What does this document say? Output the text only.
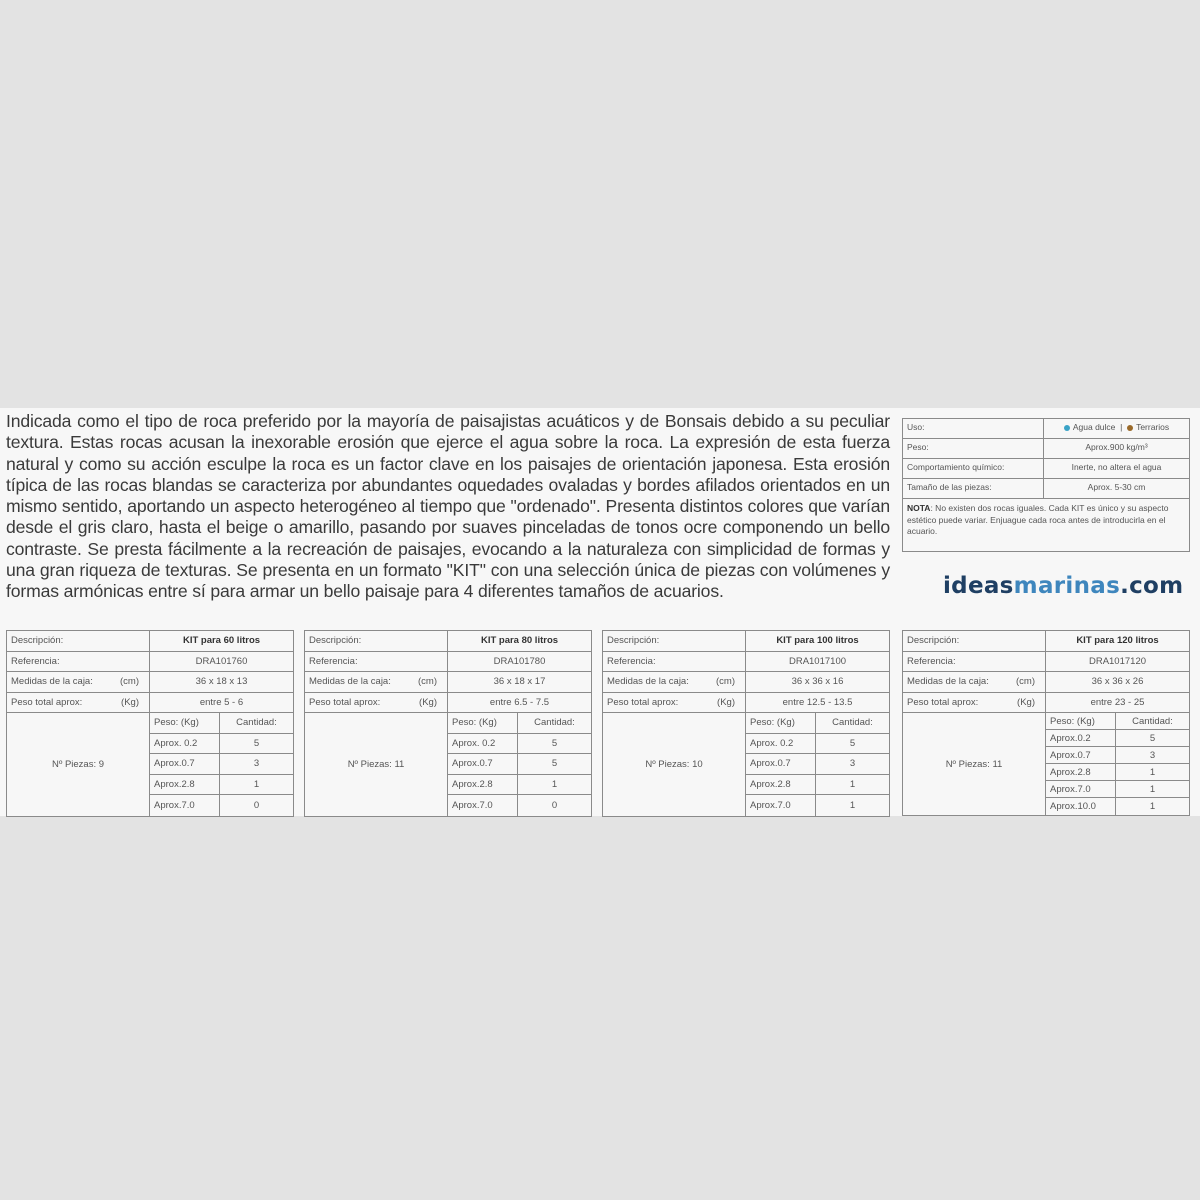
Indicada como el tipo de roca preferido por la mayoría de paisajistas acuáticos y de Bonsais debido a su peculiar textura. Estas rocas acusan la inexorable erosión que ejerce el agua sobre la roca. La expresión de esta fuerza natural y como su acción esculpe la roca es un factor clave en los paisajes de orientación japonesa. Esta erosión típica de las rocas blandas se caracteriza por abundantes oquedades ovaladas y bordes afilados orientados en un mismo sentido, aportando un aspecto heterogéneo al tiempo que "ordenado". Presenta distintos colores que varían desde el gris claro, hasta el beige o amarillo, pasando por suaves pinceladas de tonos ocre componendo un bello contraste. Se presta fácilmente a la recreación de paisajes, evocando a la naturaleza con simplicidad de formas y una gran riqueza de texturas. Se presenta en un formato "KIT" con una selección única de piezas con volúmenes y formas armónicas entre sí para armar un bello paisaje para 4 diferentes tamaños de acuarios.

Uso:	Agua dulce  |  Terrarios
Peso:	Aprox.900 kg/m³
Comportamiento químico:	Inerte, no altera el agua
Tamaño de las piezas:	Aprox. 5-30 cm
NOTA: No existen dos rocas iguales. Cada KIT es único y su aspecto estético puede variar. Enjuague cada roca antes de introducirla en el acuario.
ideasmarinas.com
Descripción:	KIT para 60 litros
Referencia:	DRA101760
Medidas de la caja:	(cm)	36 x 18 x 13
Peso total aprox:	(Kg)	entre 5 - 6
Nº Piezas: 9
Peso: (Kg)	Cantidad:
Aprox. 0.2	5
Aprox.0.7	3
Aprox.2.8	1
Aprox.7.0	0
Descripción:	KIT para 80 litros
Referencia:	DRA101780
Medidas de la caja:	(cm)	36 x 18 x 17
Peso total aprox:	(Kg)	entre 6.5 - 7.5
Nº Piezas: 11
Peso: (Kg)	Cantidad:
Aprox. 0.2	5
Aprox.0.7	5
Aprox.2.8	1
Aprox.7.0	0
Descripción:	KIT para 100 litros
Referencia:	DRA1017100
Medidas de la caja:	(cm)	36 x 36 x 16
Peso total aprox:	(Kg)	entre 12.5 - 13.5
Nº Piezas: 10
Peso: (Kg)	Cantidad:
Aprox. 0.2	5
Aprox.0.7	3
Aprox.2.8	1
Aprox.7.0	1
Descripción:	KIT para 120 litros
Referencia:	DRA1017120
Medidas de la caja:	(cm)	36 x 36 x 26
Peso total aprox:	(Kg)	entre 23 - 25
Nº Piezas: 11
Peso: (Kg)	Cantidad:
Aprox.0.2	5
Aprox.0.7	3
Aprox.2.8	1
Aprox.7.0	1
Aprox.10.0	1
